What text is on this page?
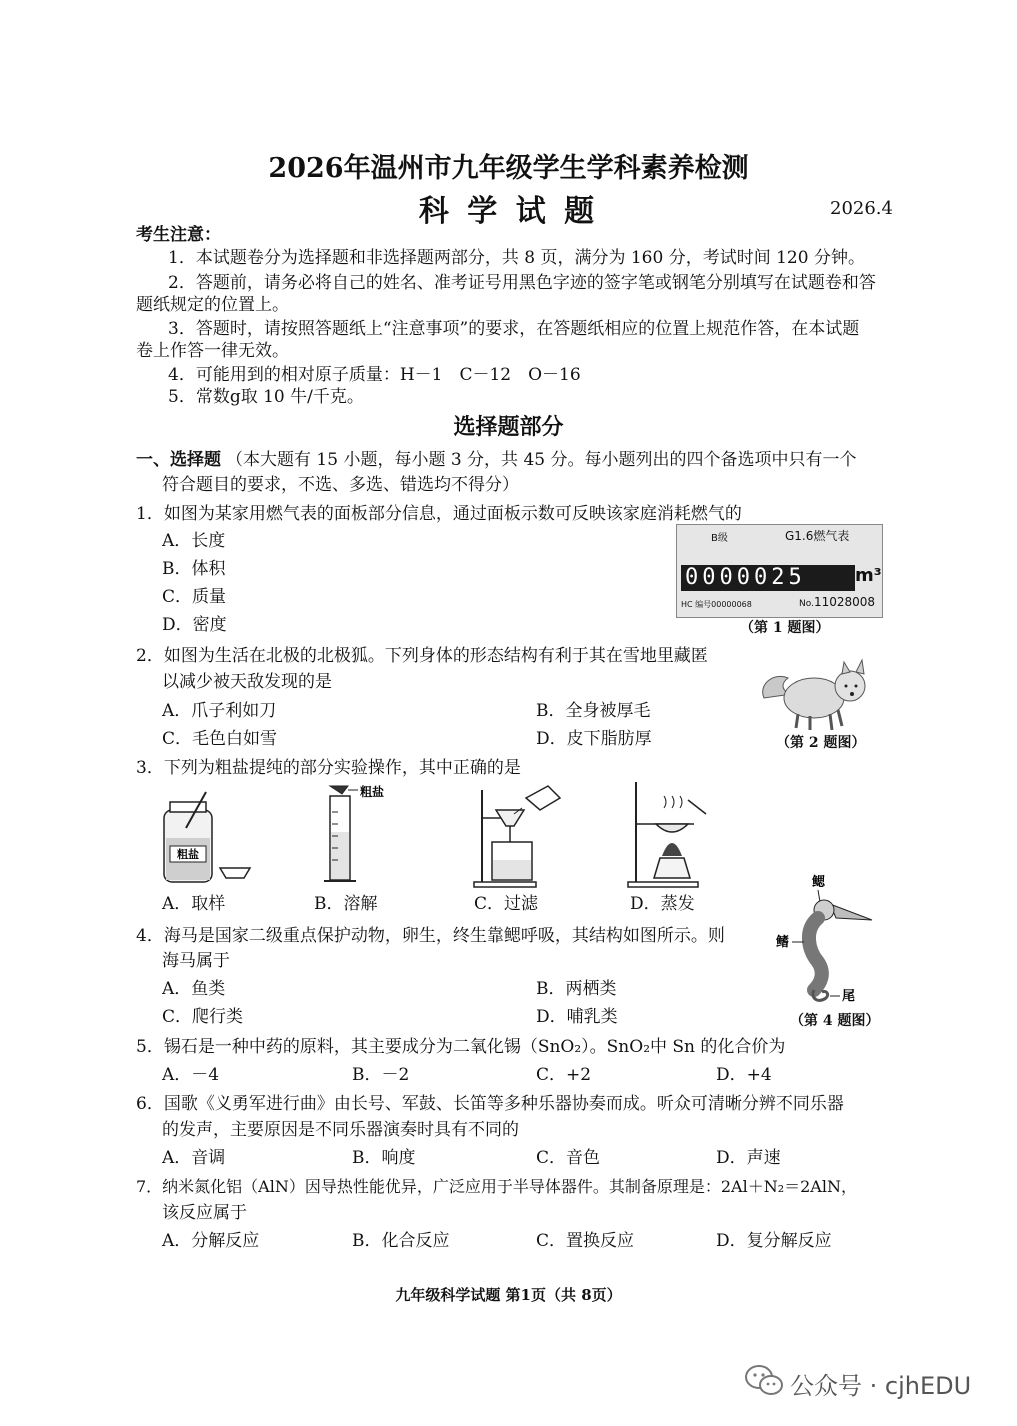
2026年温州市九年级学生学科素养检测
科 学 试 题	2026.4
考生注意：
1．本试题卷分为选择题和非选择题两部分，共 8 页，满分为 160 分，考试时间 120 分钟。
2．答题前，请务必将自己的姓名、准考证号用黑色字迹的签字笔或钢笔分别填写在试题卷和答
题纸规定的位置上。
3．答题时，请按照答题纸上“注意事项”的要求，在答题纸相应的位置上规范作答，在本试题
卷上作答一律无效。
4．可能用到的相对原子质量：H－1　C－12　O－16
5．常数g取 10 牛/千克。
选择题部分
一、选择题 （本大题有 15 小题，每小题 3 分，共 45 分。每小题列出的四个备选项中只有一个
符合题目的要求，不选、多选、错选均不得分）
1．如图为某家用燃气表的面板部分信息，通过面板示数可反映该家庭消耗燃气的
A．长度
B．体积
C．质量
D．密度
B级	G1.6燃气表
0000025	m³
HC 编号00000068	No.11028008
（第 1 题图）
2．如图为生活在北极的北极狐。下列身体的形态结构有利于其在雪地里藏匿
以减少被天敌发现的是
A．爪子利如刀	B．全身被厚毛
C．毛色白如雪	D．皮下脂肪厚	（第 2 题图）
3．下列为粗盐提纯的部分实验操作，其中正确的是
粗盐
粗盐
A．取样	B．溶解	C．过滤	D．蒸发
4．海马是国家二级重点保护动物，卵生，终生靠鳃呼吸，其结构如图所示。则
海马属于
A．鱼类	B．两栖类
C．爬行类	D．哺乳类
鳃
鳍
尾
（第 4 题图）
5．锡石是一种中药的原料，其主要成分为二氧化锡（SnO₂）。SnO₂中 Sn 的化合价为
A．－4	B．－2	C．+2	D．+4
6．国歌《义勇军进行曲》由长号、军鼓、长笛等多种乐器协奏而成。听众可清晰分辨不同乐器
的发声，主要原因是不同乐器演奏时具有不同的
A．音调	B．响度	C．音色	D．声速
7．纳米氮化铝（AlN）因导热性能优异，广泛应用于半导体器件。其制备原理是：2Al＋N₂＝2AlN，
该反应属于
A．分解反应	B．化合反应	C．置换反应	D．复分解反应
九年级科学试题 第1页（共 8页）
公众号 · cjhEDU
